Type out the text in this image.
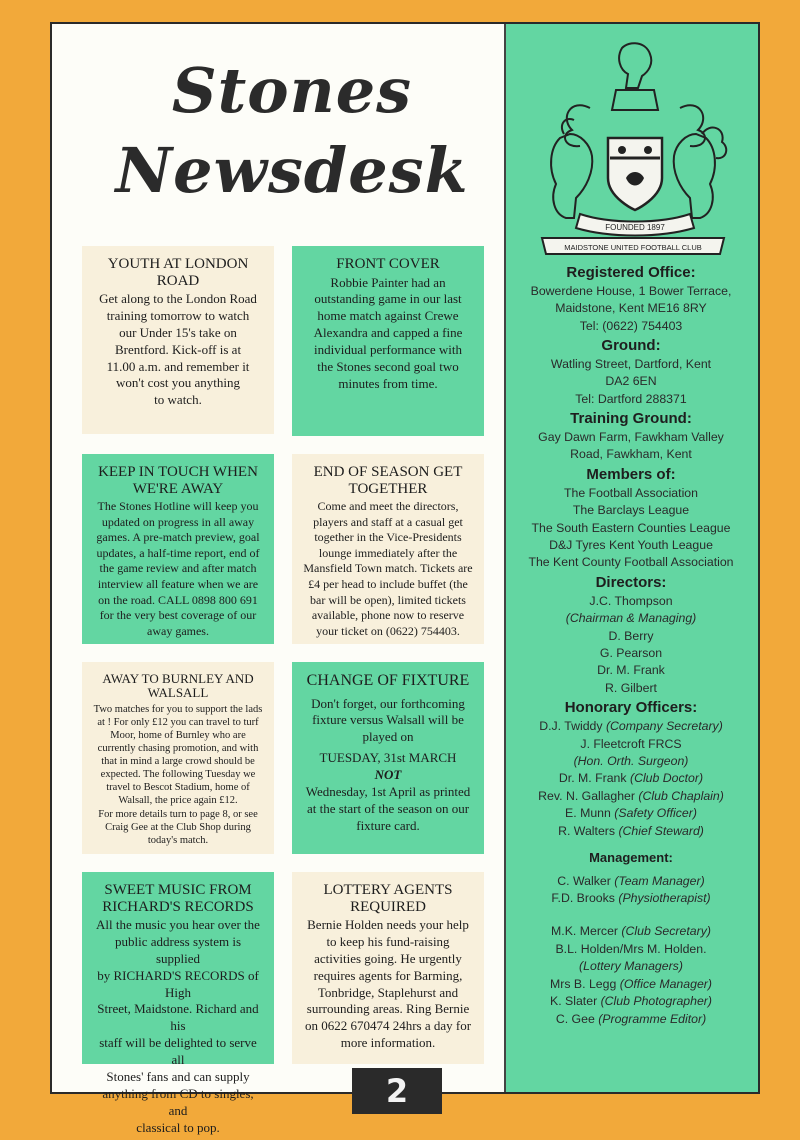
Stones
Newsdesk
YOUTH AT LONDON ROAD

Get along to the London Road
training tomorrow to watch
our Under 15's take on
Brentford. Kick-off is at
11.00 a.m. and remember it
won't cost you anything
to watch.

FRONT COVER

Robbie Painter had an
outstanding game in our last
home match against Crewe
Alexandra and capped a fine
individual performance with
the Stones second goal two
minutes from time.

KEEP IN TOUCH WHEN WE'RE AWAY

The Stones Hotline will keep you
updated on progress in all away
games. A pre-match preview, goal
updates, a half-time report, end of
the game review and after match
interview all feature when we are
on the road. CALL 0898 800 691
for the very best coverage of our
away games.

END OF SEASON GET TOGETHER

Come and meet the directors,
players and staff at a casual get
together in the Vice-Presidents
lounge immediately after the
Mansfield Town match. Tickets are
£4 per head to include buffet (the
bar will be open), limited tickets
available, phone now to reserve
your ticket on (0622) 754403.

AWAY TO BURNLEY AND WALSALL

Two matches for you to support the lads
at ! For only £12 you can travel to turf
Moor, home of Burnley who are
currently chasing promotion, and with
that in mind a large crowd should be
expected. The following Tuesday we
travel to Bescot Stadium, home of
Walsall, the price again £12.
For more details turn to page 8, or see
Craig Gee at the Club Shop during
today's match.

CHANGE OF FIXTURE

Don't forget, our forthcoming
fixture versus Walsall will be
played on
TUESDAY, 31st MARCH
NOT
Wednesday, 1st April as printed
at the start of the season on our
fixture card.

SWEET MUSIC FROM RICHARD'S RECORDS

All the music you hear over the
public address system is supplied
by RICHARD'S RECORDS of High
Street, Maidstone. Richard and his
staff will be delighted to serve all
Stones' fans and can supply
anything from CD to singles, and
classical to pop.

LOTTERY AGENTS REQUIRED

Bernie Holden needs your help
to keep his fund-raising
activities going. He urgently
requires agents for Barming,
Tonbridge, Staplehurst and
surrounding areas. Ring Bernie
on 0622 670474 24hrs a day for
more information.

FOUNDED 1897
MAIDSTONE UNITED FOOTBALL CLUB
Registered Office:
Bowerdene House, 1 Bower Terrace,
Maidstone, Kent ME16 8RY
Tel: (0622) 754403
Ground:
Watling Street, Dartford, Kent
DA2 6EN
Tel: Dartford 288371
Training Ground:
Gay Dawn Farm, Fawkham Valley
Road, Fawkham, Kent
Members of:
The Football Association
The Barclays League
The South Eastern Counties League
D&J Tyres Kent Youth League
The Kent County Football Association
Directors:
J.C. Thompson
(Chairman & Managing)
D. Berry
G. Pearson
Dr. M. Frank
R. Gilbert
Honorary Officers:
D.J. Twiddy (Company Secretary)
J. Fleetcroft FRCS
(Hon. Orth. Surgeon)
Dr. M. Frank (Club Doctor)
Rev. N. Gallagher (Club Chaplain)
E. Munn (Safety Officer)
R. Walters (Chief Steward)
Management:
C. Walker (Team Manager)
F.D. Brooks (Physiotherapist)
M.K. Mercer (Club Secretary)
B.L. Holden/Mrs M. Holden.
(Lottery Managers)
Mrs B. Legg (Office Manager)
K. Slater (Club Photographer)
C. Gee (Programme Editor)
2
